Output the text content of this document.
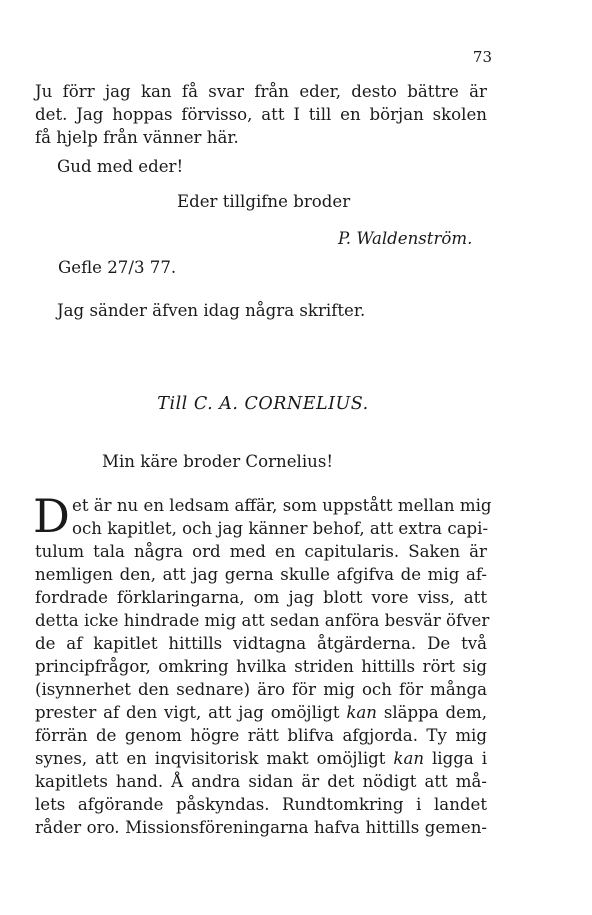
73
Ju förr jag kan få svar från eder, desto bättre är
det. Jag hoppas förvisso, att I till en början skolen
få hjelp från vänner här.
Gud med eder!
Eder tillgifne broder
P. Waldenström.
Gefle 27/3 77.
Jag sänder äfven idag några skrifter.
Till C. A. CORNELIUS.
Min käre broder Cornelius!
D et är nu en ledsam affär, som uppstått mellan mig
och kapitlet, och jag känner behof, att extra capi-
tulum tala några ord med en capitularis. Saken är
nemligen den, att jag gerna skulle afgifva de mig af-
fordrade förklaringarna, om jag blott vore viss, att
detta icke hindrade mig att sedan anföra besvär öfver
de af kapitlet hittills vidtagna åtgärderna. De två
principfrågor, omkring hvilka striden hittills rört sig
(isynnerhet den sednare) äro för mig och för många
prester af den vigt, att jag omöjligt kan släppa dem,
förrän de genom högre rätt blifva afgjorda. Ty mig
synes, att en inqvisitorisk makt omöjligt kan ligga i
kapitlets hand. Å andra sidan är det nödigt att må-
lets afgörande påskyndas. Rundtomkring i landet
råder oro. Missionsföreningarna hafva hittills gemen-
